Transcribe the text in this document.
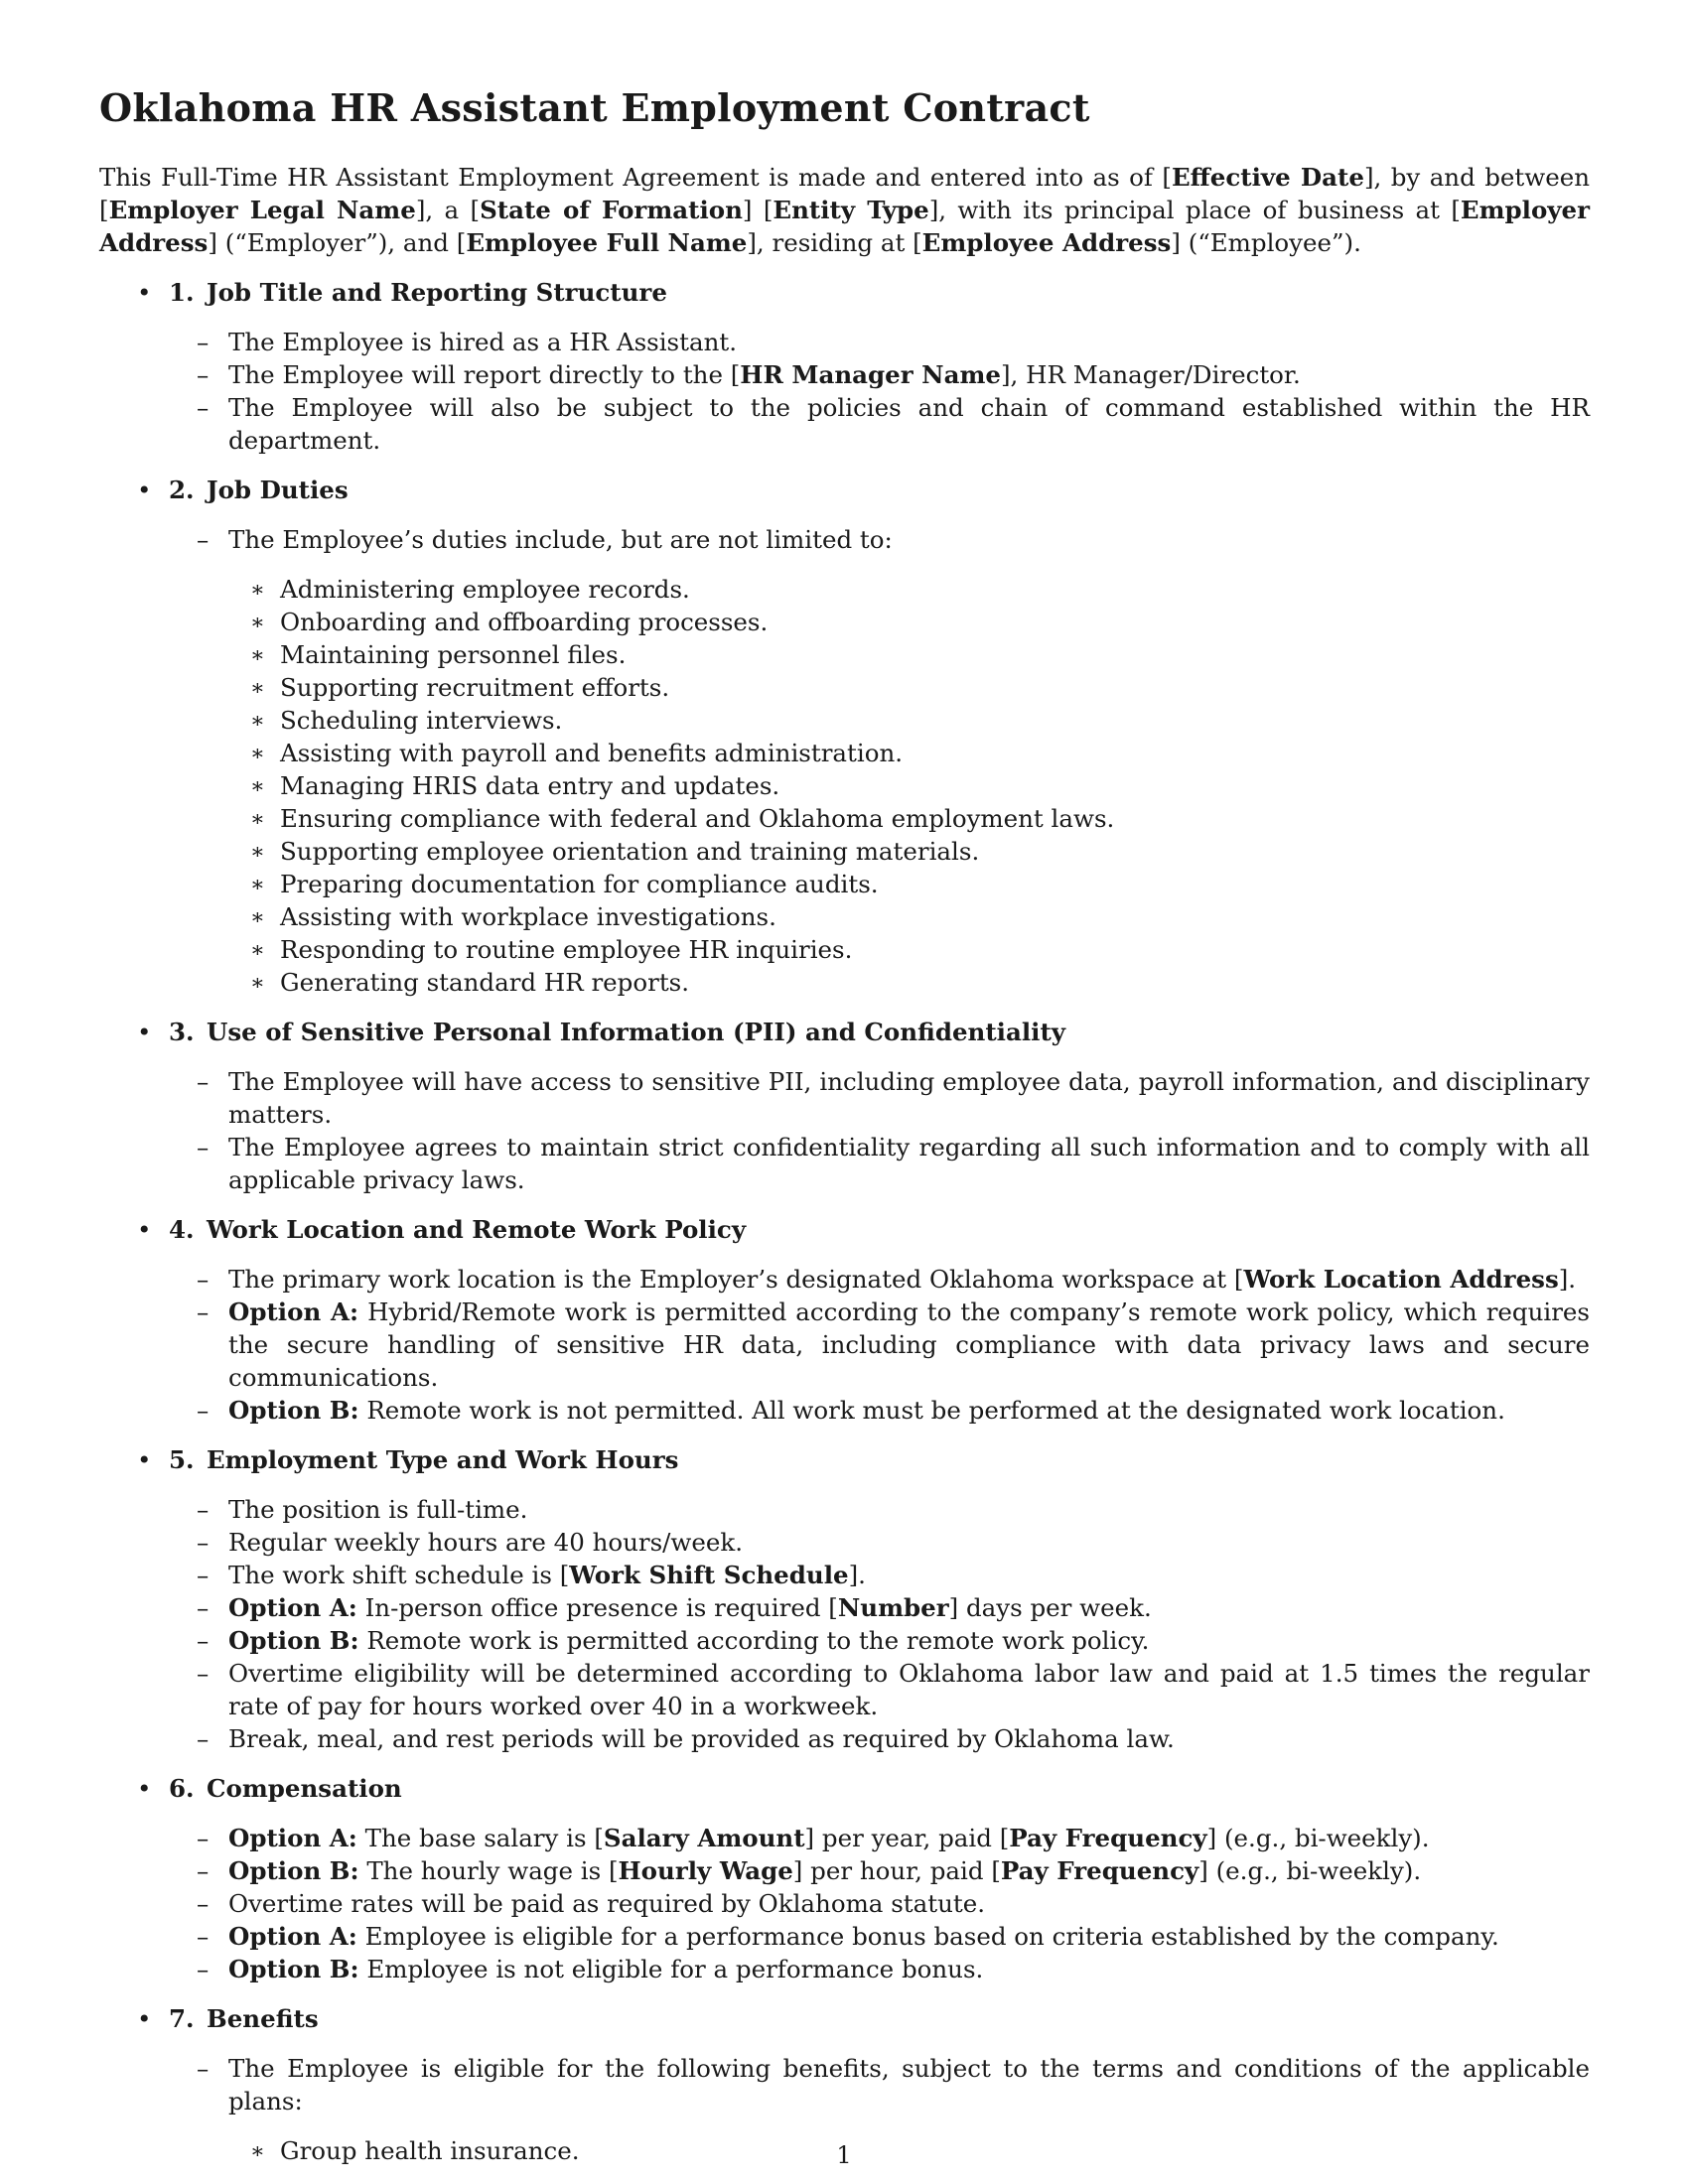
Oklahoma HR Assistant Employment Contract

This Full-Time HR Assistant Employment Agreement is made and entered into as of [Effective Date], by and between [Employer Legal Name], a [State of Formation] [Entity Type], with its principal place of business at [Employer Address] (“Employer”), and [Employee Full Name], residing at [Employee Address] (“Employee”).

• 1. Job Title and Reporting Structure
– The Employee is hired as a HR Assistant.
– The Employee will report directly to the [HR Manager Name], HR Manager/Director.
– The Employee will also be subject to the policies and chain of command established within the HR department.
• 2. Job Duties
– The Employee’s duties include, but are not limited to:
∗ Administering employee records.
∗ Onboarding and offboarding processes.
∗ Maintaining personnel files.
∗ Supporting recruitment efforts.
∗ Scheduling interviews.
∗ Assisting with payroll and benefits administration.
∗ Managing HRIS data entry and updates.
∗ Ensuring compliance with federal and Oklahoma employment laws.
∗ Supporting employee orientation and training materials.
∗ Preparing documentation for compliance audits.
∗ Assisting with workplace investigations.
∗ Responding to routine employee HR inquiries.
∗ Generating standard HR reports.
• 3. Use of Sensitive Personal Information (PII) and Confidentiality
– The Employee will have access to sensitive PII, including employee data, payroll information, and disciplinary matters.
– The Employee agrees to maintain strict confidentiality regarding all such information and to comply with all applicable privacy laws.
• 4. Work Location and Remote Work Policy
– The primary work location is the Employer’s designated Oklahoma workspace at [Work Location Address].
– Option A: Hybrid/Remote work is permitted according to the company’s remote work policy, which requires the secure handling of sensitive HR data, including compliance with data privacy laws and secure communications.
– Option B: Remote work is not permitted. All work must be performed at the designated work location.
• 5. Employment Type and Work Hours
– The position is full-time.
– Regular weekly hours are 40 hours/week.
– The work shift schedule is [Work Shift Schedule].
– Option A: In-person office presence is required [Number] days per week.
– Option B: Remote work is permitted according to the remote work policy.
– Overtime eligibility will be determined according to Oklahoma labor law and paid at 1.5 times the regular rate of pay for hours worked over 40 in a workweek.
– Break, meal, and rest periods will be provided as required by Oklahoma law.
• 6. Compensation
– Option A: The base salary is [Salary Amount] per year, paid [Pay Frequency] (e.g., bi-weekly).
– Option B: The hourly wage is [Hourly Wage] per hour, paid [Pay Frequency] (e.g., bi-weekly).
– Overtime rates will be paid as required by Oklahoma statute.
– Option A: Employee is eligible for a performance bonus based on criteria established by the company.
– Option B: Employee is not eligible for a performance bonus.
• 7. Benefits
– The Employee is eligible for the following benefits, subject to the terms and conditions of the applicable plans:
∗ Group health insurance.	1
